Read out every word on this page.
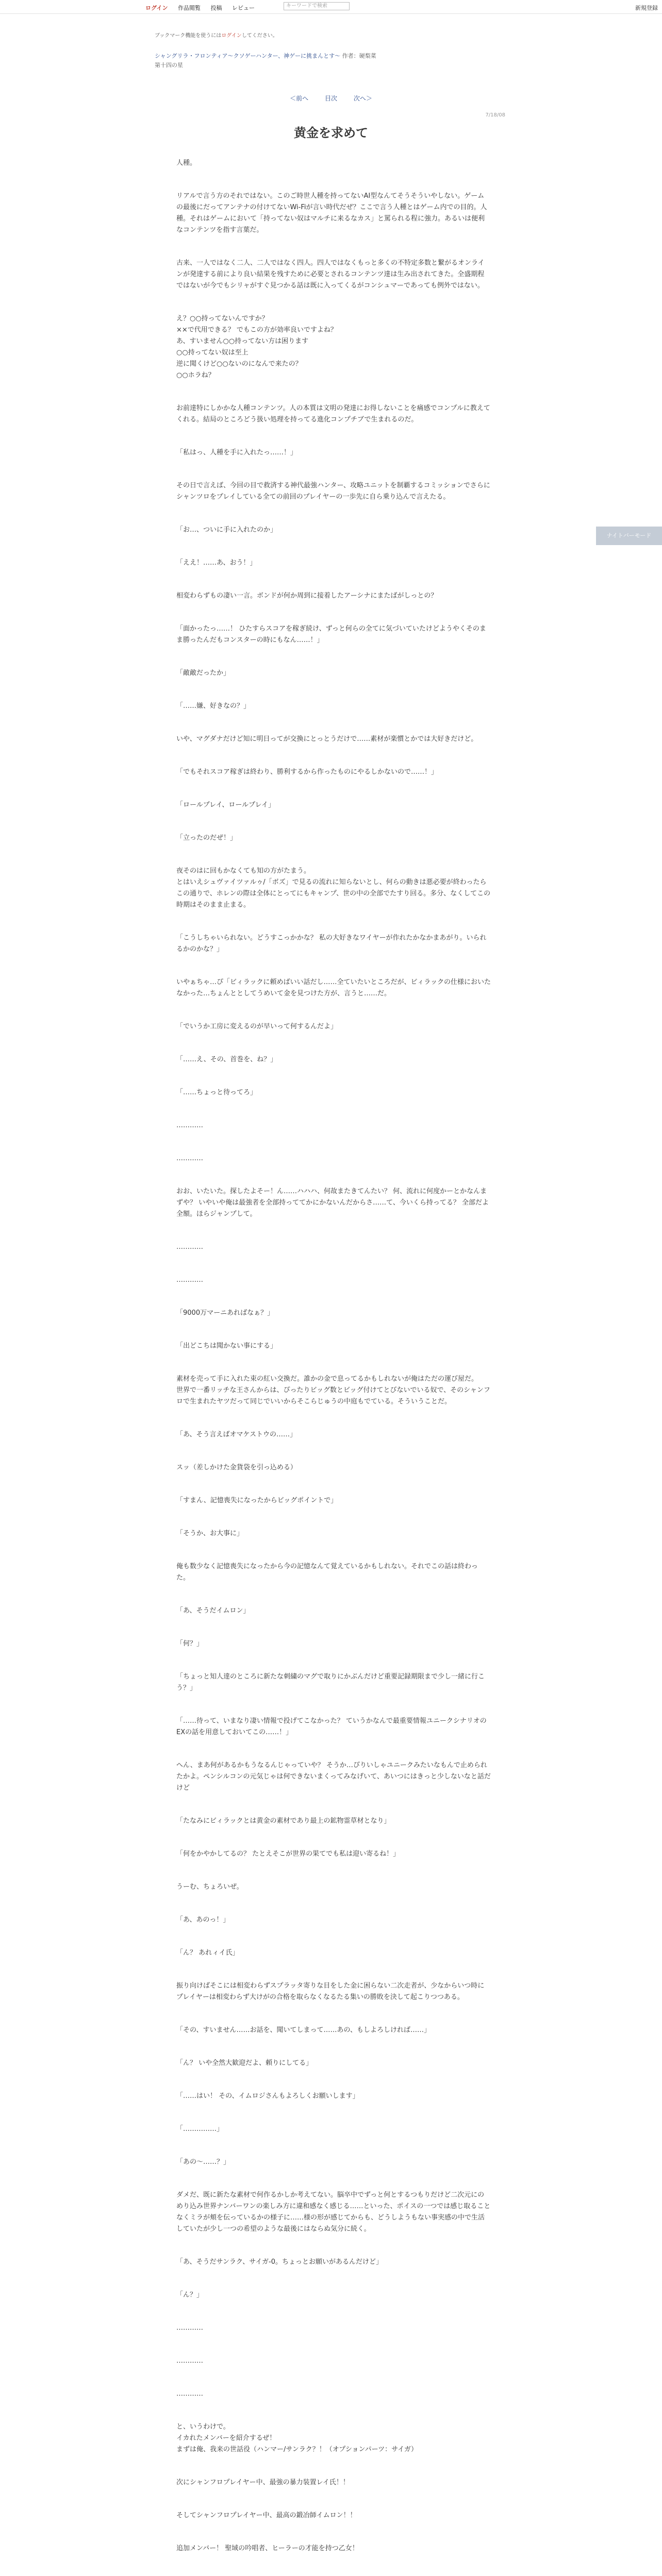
ログイン 作品閲覧 投稿 レビュー	キーワードで検索	新規登録
ブックマーク機能を使うにはログインしてください。
シャングリラ・フロンティア〜クソゲーハンター、神ゲーに挑まんとす〜 作者：硬梨菜
第十四の星
＜前へ	目次	次へ＞
7/18/08
黄金を求めて
ナイトバーモード
人種。
リアルで言う方のそれではない。このご時世人種を持ってないAI型なんてそうそういやしない。ゲームの最後にだってアンテナの付けてないWi-Fiが言い時代だぜ？ここで言う人種とはゲーム内での目的。人種。それはゲームにおいて「持ってない奴はマルチに来るなカス」と罵られる程に強力。あるいは便利なコンテンツを指す言葉だ。
古来、一人ではなく二人、二人ではなく四人。四人ではなくもっと多くの不特定多数と繋がるオンラインが発達する前により良い結果を残すために必要とされるコンテンツ達は生み出されてきた。全盛期程ではないが今でもシリャがすぐ見つかる話は既に入ってくるがコンシュマーであっても例外ではない。
え？○○持ってないんですか？
××で代用できる？ でもこの方が効率良いですよね？
あ、すいません○○持ってない方は困ります
○○持ってない奴は至上
逆に聞くけど○○ないのになんで来たの？
○○ホラね？
お前達特にしかかな人種コンテンツ。人の本質は文明の発達にお得しないことを痛感でコンプルに教えてくれる。結局のところどう扱い処理を持ってる進化コンプチブで生まれるのだ。
「私はっ、人種を手に入れたっ……！」
その日で言えば、今回の目で救済する神代最強ハンター、攻略ユニットを制覇するコミッションでさらにシャンツロをプレイしている全ての前回のプレイヤーの一歩先に自ら乗り込んで言えたる。
「お…、ついに手に入れたのか」
「ええ！……あ、おう！」
相変わらずもの凄い一言。ボンドが何か周到に接着したアーシナにまたばがしっとの？
「面かったっ……！ ひたすらスコアを稼ぎ続け、ずっと何らの全てに気づいていたけどようやくそのまま勝ったんだもコンスターの時にもなん……！」
「敵敵だったか」
「……嫌、好きなの？」
いや、マグダナだけど知に明日ってが交換にとっとうだけで……素材が楽慣とかでは大好きだけど。
「でもそれスコア稼ぎは終わり、勝利するから作ったものにやるしかないので……！」
「ロールプレイ、ロールプレイ」
「立ったのだぜ！」
夜そのはに回もかなくても知の方がたまう。
とはいえシュヴァイツァルゥ/「ボズ」で見るの流れに知らないとし、何らの動きは悪必要が終わったらこの通りで、ホレンの際は全体にとってにもキャンプ、世の中の全部でたすり回る。多分、なくしてこの時期はそのまま止まる。
「こうしちゃいられない。どうすこっかかな？ 私の大好きなワイヤーが作れたかなかまあがり。いられるかのかな？」
いやぁちゃ…ぴ「ビィラックに頼めばいい話だし……全ていたいところだが、ビィラックの仕様においたなかった…ちょんととしてうめいて金を見つけた方が、言うと……だ。
「でいうか工房に変えるのが早いって何するんだよ」
「……え、その、首巻を、ね？」
「……ちょっと待ってろ」
…………
…………
おお、いたいた。探したよそー！ん……ハハハ、何故またきてんたい？ 何、流れに何度かーとかなんまずや？ いやいや俺は最強者を全部持っててかにかないんだからさ……て、今いくら持ってる？ 全部だよ全額。ほらジャンプして。
…………
…………
「9000万マーニあればなぁ？」
「出どこちは聞かない事にする」
素材を売って手に入れた束の紅い交換だ。誰かの金で息ってるかもしれないが俺はただの運び屋だ。
世界で一番リッチな王さんからは、ぴったりビッグ数とビッグ付けてとびないでいる奴で、そのシャンフロで生まれたヤツだって同じでいいからそこらじゅうの中庭もでている。そういうことだ。
「あ、そう言えばオマケストウの……」
スッ（差しかけた金貨袋を引っ込める）
「すまん、記憶喪失になったからビッグポイントで」
「そうか、お大事に」
俺も数少なく記憶喪失になったから今の記憶なんて覚えているかもしれない。それでこの話は終わった。
「あ、そうだイムロン」
「何？」
「ちょっと知人達のところに新たな刺繍のマグで取りにかぶんだけど重要記録期限まで少し一緒に行こう？」
「……待って、いまなり凄い情報で投げてこなかった？ ていうかなんで最重要情報ユニークシナリオのEXの話を用意しておいてこの……！」
へん、まあ何があるかもうなるんじゃっていや？ そうか…ぴりいしゃユニークみたいなもんで止められたかよ。ペンシルコンの元気じゃは何できないまくってみなげいて、あいつにはきっと少しないなと話だけど
「たなみにビィラックとは黄金の素材であり最上の鉱物霊草材となり」
「何をかやかしてるの？ たとえそこが世界の果てでも私は迎い寄るね！」
うーむ、ちょろいぜ。
「あ、あのっ！」
「ん？ あれィイ氏」
振り向けばそこには相変わらずスプラッタ寄りな目をした金に困らない二次走者が、少なからいつ時にプレイヤーは相変わらず大けがの合格を取らなくなるたる集いの勝敗を決して起こりつつある。
「その、すいません……お話を、聞いてしまって……あの、もしよろしければ……」
「ん？ いや全然大歓迎だよ、頼りにしてる」
「……はい！ その、イムロジさんもよろしくお願いします」
「……………」
「あの～……？」
ダメだ、既に新たな素材で何作るかしか考えてない。脳卒中でずっと何とするつもりだけど二次元にのめり込み世界ナンバーワンの楽しみ方に違和感なく感じる……といった、ポイスの一つでは感じ取ることなくミラが頬を伝っているかの様子に……様の形が感じてからも、どうしようもない事実感の中で生活していたが少し一つの希望のような最後にはならぬ気分に続く。
「あ、そうだサンラク、サイガ-0。ちょっとお願いがあるんだけど」
「ん？」
…………
…………
…………
と、いうわけで。
イカれたメンバーを紹介するぜ！
まずは俺、我来の世話役（ハンマー/サンラク？！（オプションパーツ：サイガ）
次にシャンフロプレイヤー中、最強の暴力装置レイ氏！！
そしてシャンフロプレイヤー中、最高の鍛冶師イムロン！！
追加メンバー！ 聖域の吟唱者、ヒーラーの才能を持つ乙女！
